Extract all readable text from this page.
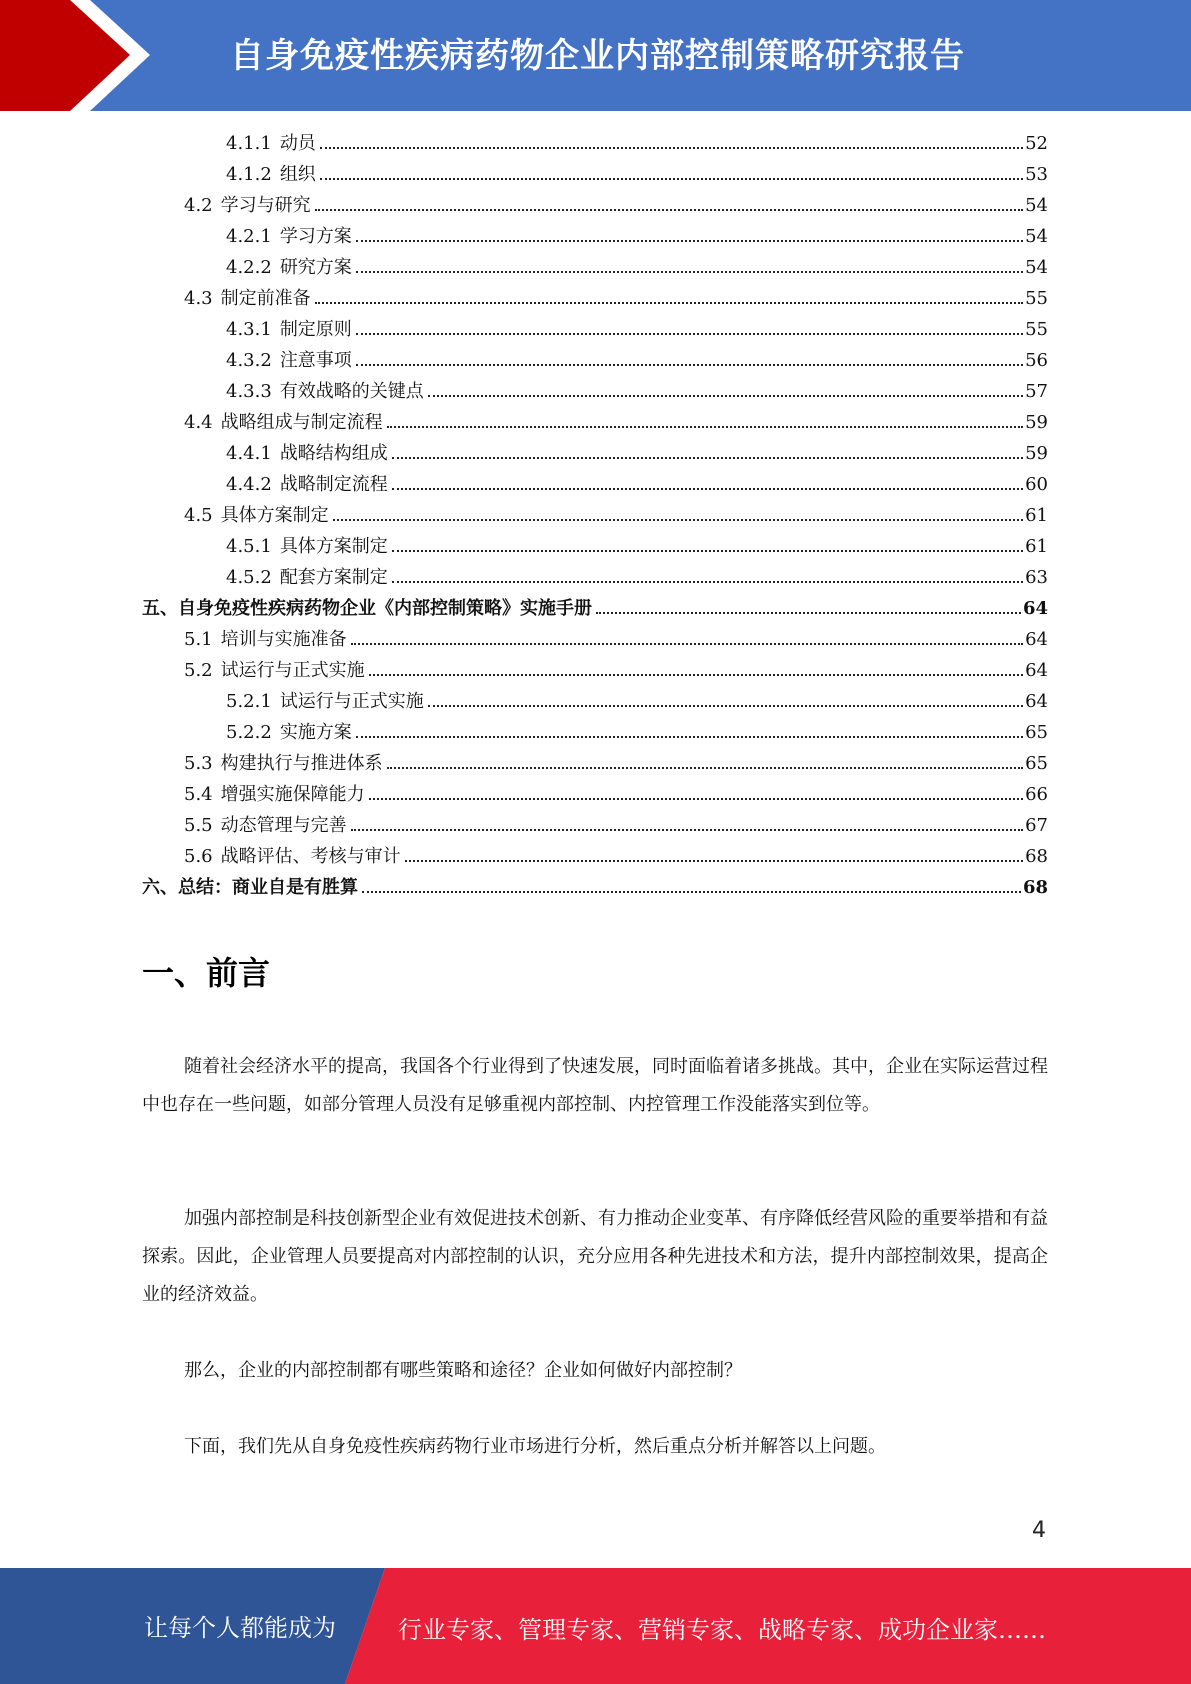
自身免疫性疾病药物企业内部控制策略研究报告
4.1.1 动员	52
4.1.2 组织	53
4.2 学习与研究	54
4.2.1 学习方案	54
4.2.2 研究方案	54
4.3 制定前准备	55
4.3.1 制定原则	55
4.3.2 注意事项	56
4.3.3 有效战略的关键点	57
4.4 战略组成与制定流程	59
4.4.1 战略结构组成	59
4.4.2 战略制定流程	60
4.5 具体方案制定	61
4.5.1 具体方案制定	61
4.5.2 配套方案制定	63
五、自身免疫性疾病药物企业《内部控制策略》实施手册	64
5.1 培训与实施准备	64
5.2 试运行与正式实施	64
5.2.1 试运行与正式实施	64
5.2.2 实施方案	65
5.3 构建执行与推进体系	65
5.4 增强实施保障能力	66
5.5 动态管理与完善	67
5.6 战略评估、考核与审计	68
六、总结：商业自是有胜算	68
一、前言
随着社会经济水平的提高，我国各个行业得到了快速发展，同时面临着诸多挑战。其中，企业在实际运营过程中也存在一些问题，如部分管理人员没有足够重视内部控制、内控管理工作没能落实到位等。
加强内部控制是科技创新型企业有效促进技术创新、有力推动企业变革、有序降低经营风险的重要举措和有益探索。因此，企业管理人员要提高对内部控制的认识，充分应用各种先进技术和方法，提升内部控制效果，提高企业的经济效益。
那么，企业的内部控制都有哪些策略和途径？企业如何做好内部控制？
下面，我们先从自身免疫性疾病药物行业市场进行分析，然后重点分析并解答以上问题。
4
让每个人都能成为	行业专家、管理专家、营销专家、战略专家、成功企业家……
